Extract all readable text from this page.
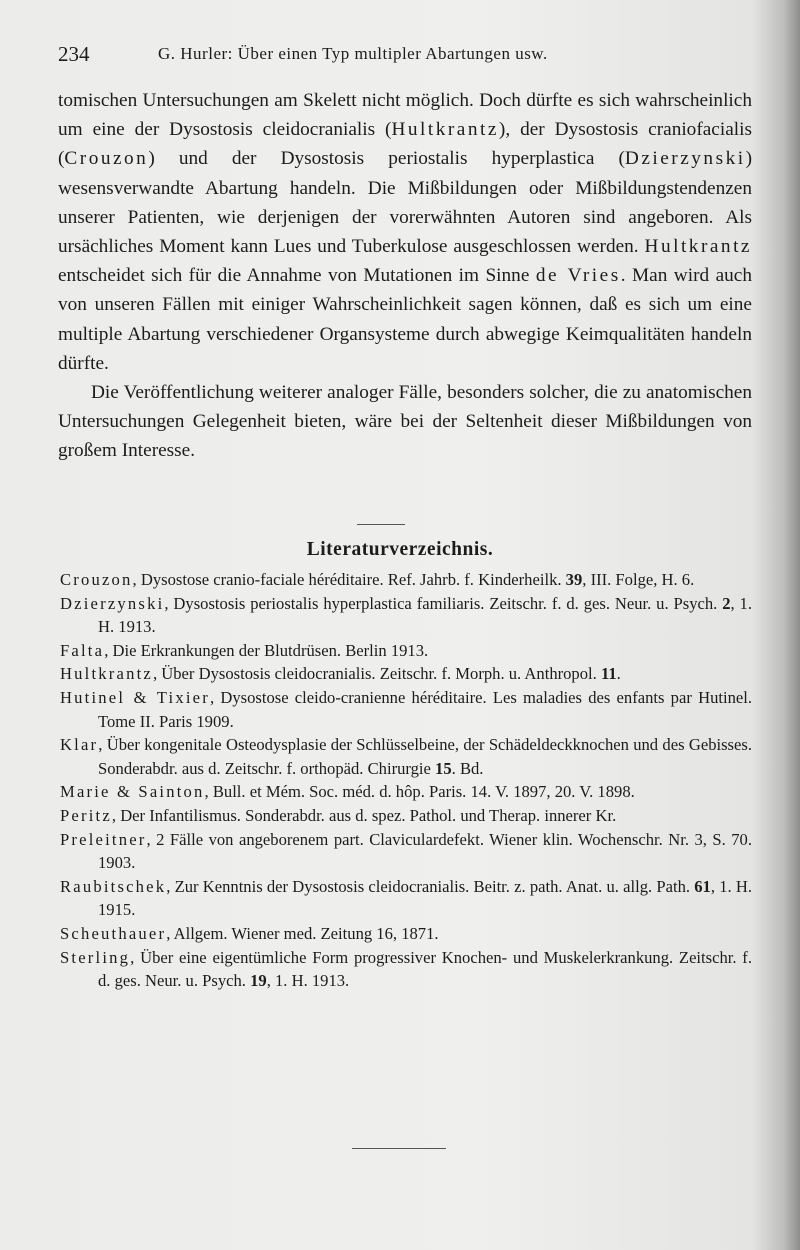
234	G. Hurler: Über einen Typ multipler Abartungen usw.

tomischen Untersuchungen am Skelett nicht möglich. Doch dürfte es sich wahrscheinlich um eine der Dysostosis cleidocranialis (Hultkrantz), der Dysostosis craniofacialis (Crouzon) und der Dysostosis periostalis hyperplastica (Dzierzynski) wesensverwandte Abartung handeln. Die Mißbildungen oder Mißbildungstendenzen unserer Patienten, wie derjenigen der vorerwähnten Autoren sind angeboren. Als ursächliches Moment kann Lues und Tuberkulose ausgeschlossen werden. Hultkrantz entscheidet sich für die Annahme von Mutationen im Sinne de Vries. Man wird auch von unseren Fällen mit einiger Wahrscheinlichkeit sagen können, daß es sich um eine multiple Abartung verschiedener Organsysteme durch abwegige Keimqualitäten handeln dürfte.

Die Veröffentlichung weiterer analoger Fälle, besonders solcher, die zu anatomischen Untersuchungen Gelegenheit bieten, wäre bei der Seltenheit dieser Mißbildungen von großem Interesse.

Literaturverzeichnis.
Crouzon, Dysostose cranio-faciale héréditaire. Ref. Jahrb. f. Kinderheilk. 39, III. Folge, H. 6.
Dzierzynski, Dysostosis periostalis hyperplastica familiaris. Zeitschr. f. d. ges. Neur. u. Psych. 2, 1. H. 1913.
Falta, Die Erkrankungen der Blutdrüsen. Berlin 1913.
Hultkrantz, Über Dysostosis cleidocranialis. Zeitschr. f. Morph. u. Anthropol. 11.
Hutinel & Tixier, Dysostose cleido-cranienne héréditaire. Les maladies des enfants par Hutinel. Tome II. Paris 1909.
Klar, Über kongenitale Osteodysplasie der Schlüsselbeine, der Schädeldeckknochen und des Gebisses. Sonderabdr. aus d. Zeitschr. f. orthopäd. Chirurgie 15. Bd.
Marie & Sainton, Bull. et Mém. Soc. méd. d. hôp. Paris. 14. V. 1897, 20. V. 1898.
Peritz, Der Infantilismus. Sonderabdr. aus d. spez. Pathol. und Therap. innerer Kr.
Preleitner, 2 Fälle von angeborenem part. Claviculardefekt. Wiener klin. Wochenschr. Nr. 3, S. 70. 1903.
Raubitschek, Zur Kenntnis der Dysostosis cleidocranialis. Beitr. z. path. Anat. u. allg. Path. 61, 1. H. 1915.
Scheuthauer, Allgem. Wiener med. Zeitung 16, 1871.
Sterling, Über eine eigentümliche Form progressiver Knochen- und Muskelerkrankung. Zeitschr. f. d. ges. Neur. u. Psych. 19, 1. H. 1913.
